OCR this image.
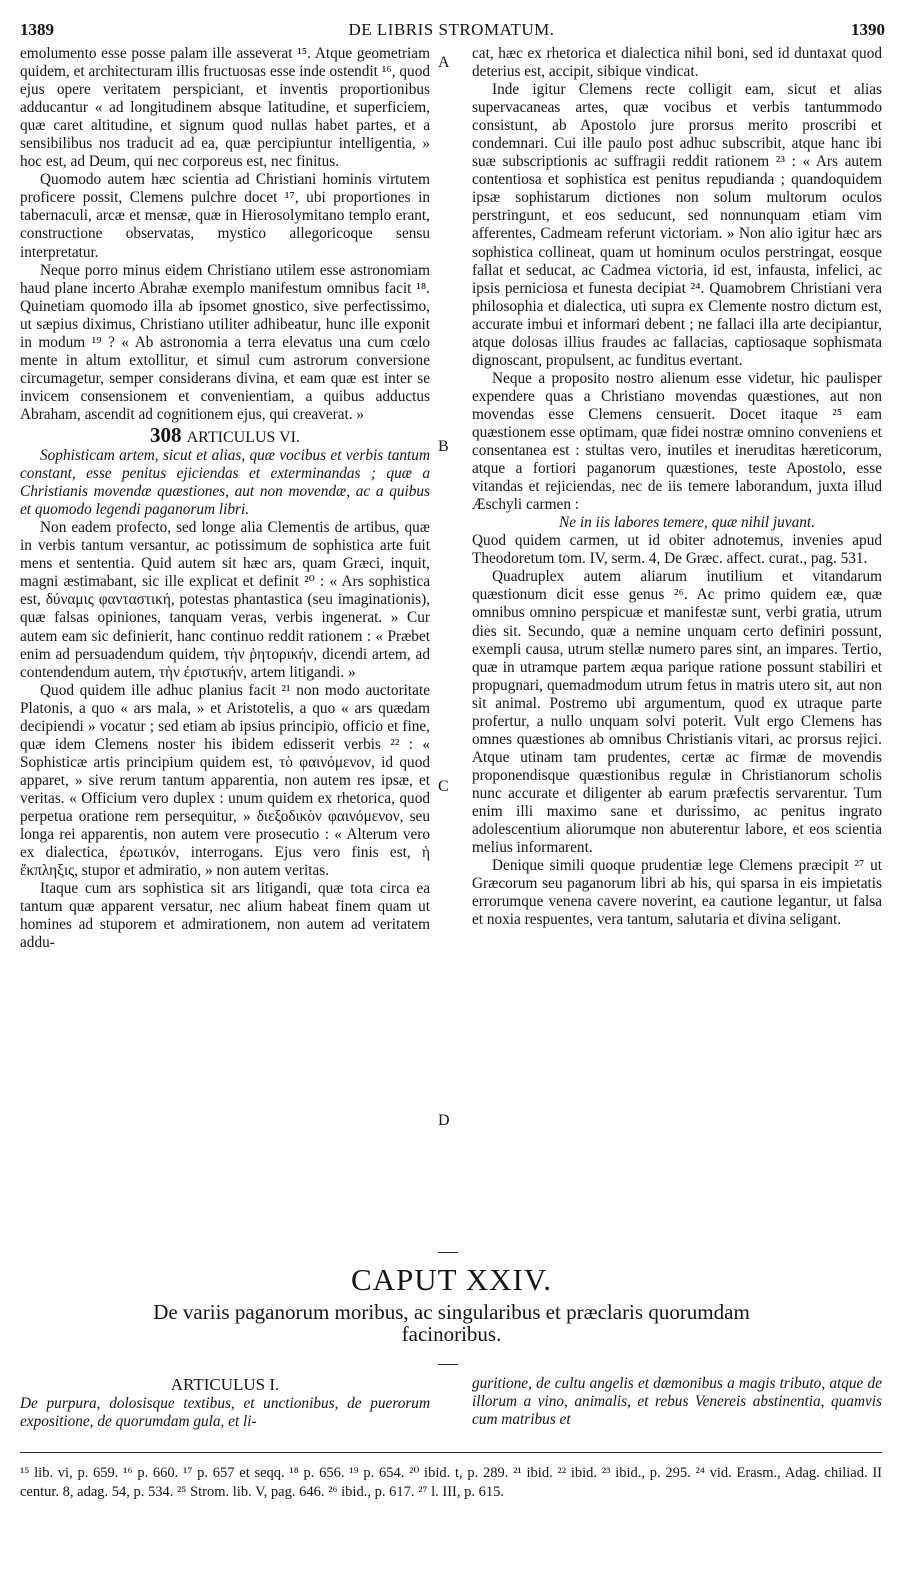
1389	DE LIBRIS STROMATUM.	1390

emolumento esse posse palam ille asseverat ¹⁵. Atque geometriam quidem, et architecturam illis fructuosas esse inde ostendit ¹⁶, quod ejus opere veritatem perspiciant, et inventis proportionibus adducantur « ad longitudinem absque latitudine, et superficiem, quæ caret altitudine, et signum quod nullas habet partes, et a sensibilibus nos traducit ad ea, quæ percipiuntur intelligentia, » hoc est, ad Deum, qui nec corporeus est, nec finitus.

Quomodo autem hæc scientia ad Christiani hominis virtutem proficere possit, Clemens pulchre docet ¹⁷, ubi proportiones in tabernaculi, arcæ et mensæ, quæ in Hierosolymitano templo erant, constructione observatas, mystico allegoricoque sensu interpretatur.

Neque porro minus eidem Christiano utilem esse astronomiam haud plane incerto Abrahæ exemplo manifestum omnibus facit ¹⁸. Quinetiam quomodo illa ab ipsomet gnostico, sive perfectissimo, ut sæpius diximus, Christiano utiliter adhibeatur, hunc ille exponit in modum ¹⁹ ? « Ab astronomia a terra elevatus una cum cœlo mente in altum extollitur, et simul cum astrorum conversione circumagetur, semper considerans divina, et eam quæ est inter se invicem consensionem et convenientiam, a quibus adductus Abraham, ascendit ad cognitionem ejus, qui creaverat. »

308 ARTICULUS VI.

Sophisticam artem, sicut et alias, quæ vocibus et verbis tantum constant, esse penitus ejiciendas et exterminandas ; quæ a Christianis movendæ quæstiones, aut non movendæ, ac a quibus et quomodo legendi paganorum libri.

Non eadem profecto, sed longe alia Clementis de artibus, quæ in verbis tantum versantur, ac potissimum de sophistica arte fuit mens et sententia. Quid autem sit hæc ars, quam Græci, inquit, magni æstimabant, sic ille explicat et definit ²⁰ : « Ars sophistica est, δύναμις φανταστική, potestas phantastica (seu imaginationis), quæ falsas opiniones, tanquam veras, verbis ingenerat. » Cur autem eam sic definierit, hanc continuo reddit rationem : « Præbet enim ad persuadendum quidem, τὴν ῥητορικήν, dicendi artem, ad contendendum autem, τὴν ἐριστικήν, artem litigandi. »

Quod quidem ille adhuc planius facit ²¹ non modo auctoritate Platonis, a quo « ars mala, » et Aristotelis, a quo « ars quædam decipiendi » vocatur ; sed etiam ab ipsius principio, officio et fine, quæ idem Clemens noster his ibidem edisserit verbis ²² : « Sophisticæ artis principium quidem est, τὸ φαινόμενον, id quod apparet, » sive rerum tantum apparentia, non autem res ipsæ, et veritas. « Officium vero duplex : unum quidem ex rhetorica, quod perpetua oratione rem persequitur, » διεξοδικὸν φαινόμενον, seu longa rei apparentis, non autem vere prosecutio : « Alterum vero ex dialectica, ἐρωτικόν, interrogans. Ejus vero finis est, ἡ ἔκπληξις, stupor et admiratio, » non autem veritas.

Itaque cum ars sophistica sit ars litigandi, quæ tota circa ea tantum quæ apparent versatur, nec alium habeat finem quam ut homines ad stuporem et admirationem, non autem ad veritatem addu-

A
B
C
D

cat, hæc ex rhetorica et dialectica nihil boni, sed id duntaxat quod deterius est, accipit, sibique vindicat.

Inde igitur Clemens recte colligit eam, sicut et alias supervacaneas artes, quæ vocibus et verbis tantummodo consistunt, ab Apostolo jure prorsus merito proscribi et condemnari. Cui ille paulo post adhuc subscribit, atque hanc ibi suæ subscriptionis ac suffragii reddit rationem ²³ : « Ars autem contentiosa et sophistica est penitus repudianda ; quandoquidem ipsæ sophistarum dictiones non solum multorum oculos perstringunt, et eos seducunt, sed nonnunquam etiam vim afferentes, Cadmeam referunt victoriam. » Non alio igitur hæc ars sophistica collineat, quam ut hominum oculos perstringat, eosque fallat et seducat, ac Cadmea victoria, id est, infausta, infelici, ac ipsis perniciosa et funesta decipiat ²⁴. Quamobrem Christiani vera philosophia et dialectica, uti supra ex Clemente nostro dictum est, accurate imbui et informari debent ; ne fallaci illa arte decipiantur, atque dolosas illius fraudes ac fallacias, captiosaque sophismata dignoscant, propulsent, ac funditus evertant.

Neque a proposito nostro alienum esse videtur, hic paulisper expendere quas a Christiano movendas quæstiones, aut non movendas esse Clemens censuerit. Docet itaque ²⁵ eam quæstionem esse optimam, quæ fidei nostræ omnino conveniens et consentanea est : stultas vero, inutiles et ineruditas hæreticorum, atque a fortiori paganorum quæstiones, teste Apostolo, esse vitandas et rejiciendas, nec de iis temere laborandum, juxta illud Æschyli carmen :

Ne in iis labores temere, quæ nihil juvant.

Quod quidem carmen, ut id obiter adnotemus, invenies apud Theodoretum tom. IV, serm. 4, De Græc. affect. curat., pag. 531.

Quadruplex autem aliarum inutilium et vitandarum quæstionum dicit esse genus ²⁶. Ac primo quidem eæ, quæ omnibus omnino perspicuæ et manifestæ sunt, verbi gratia, utrum dies sit. Secundo, quæ a nemine unquam certo definiri possunt, exempli causa, utrum stellæ numero pares sint, an impares. Tertio, quæ in utramque partem æqua parique ratione possunt stabiliri et propugnari, quemadmodum utrum fetus in matris utero sit, aut non sit animal. Postremo ubi argumentum, quod ex utraque parte profertur, a nullo unquam solvi poterit. Vult ergo Clemens has omnes quæstiones ab omnibus Christianis vitari, ac prorsus rejici. Atque utinam tam prudentes, certæ ac firmæ de movendis proponendisque quæstionibus regulæ in Christianorum scholis nunc accurate et diligenter ab earum præfectis servarentur. Tum enim illi maximo sane et durissimo, ac penitus ingrato adolescentium aliorumque non abuterentur labore, et eos scientia melius informarent.

Denique simili quoque prudentiæ lege Clemens præcipit ²⁷ ut Græcorum seu paganorum libri ab his, qui sparsa in eis impietatis errorumque venena cavere noverint, ea cautione legantur, ut falsa et noxia respuentes, vera tantum, salutaria et divina seligant.

CAPUT XXIV.
De variis paganorum moribus, ac singularibus et præclaris quorumdam facinoribus.
ARTICULUS I.
De purpura, dolosisque textibus, et unctionibus, de puerorum expositione, de quorumdam gula, et li-
guritione, de cultu angelis et dæmonibus a magis tributo, atque de illorum a vino, animalis, et rebus Venereis abstinentia, quamvis cum matribus et
¹⁵ lib. vi, p. 659. ¹⁶ p. 660. ¹⁷ p. 657 et seqq. ¹⁸ p. 656. ¹⁹ p. 654. ²⁰ ibid. t, p. 289. ²¹ ibid. ²² ibid. ²³ ibid., p. 295. ²⁴ vid. Erasm., Adag. chiliad. II centur. 8, adag. 54, p. 534. ²⁵ Strom. lib. V, pag. 646. ²⁶ ibid., p. 617. ²⁷ l. III, p. 615.
